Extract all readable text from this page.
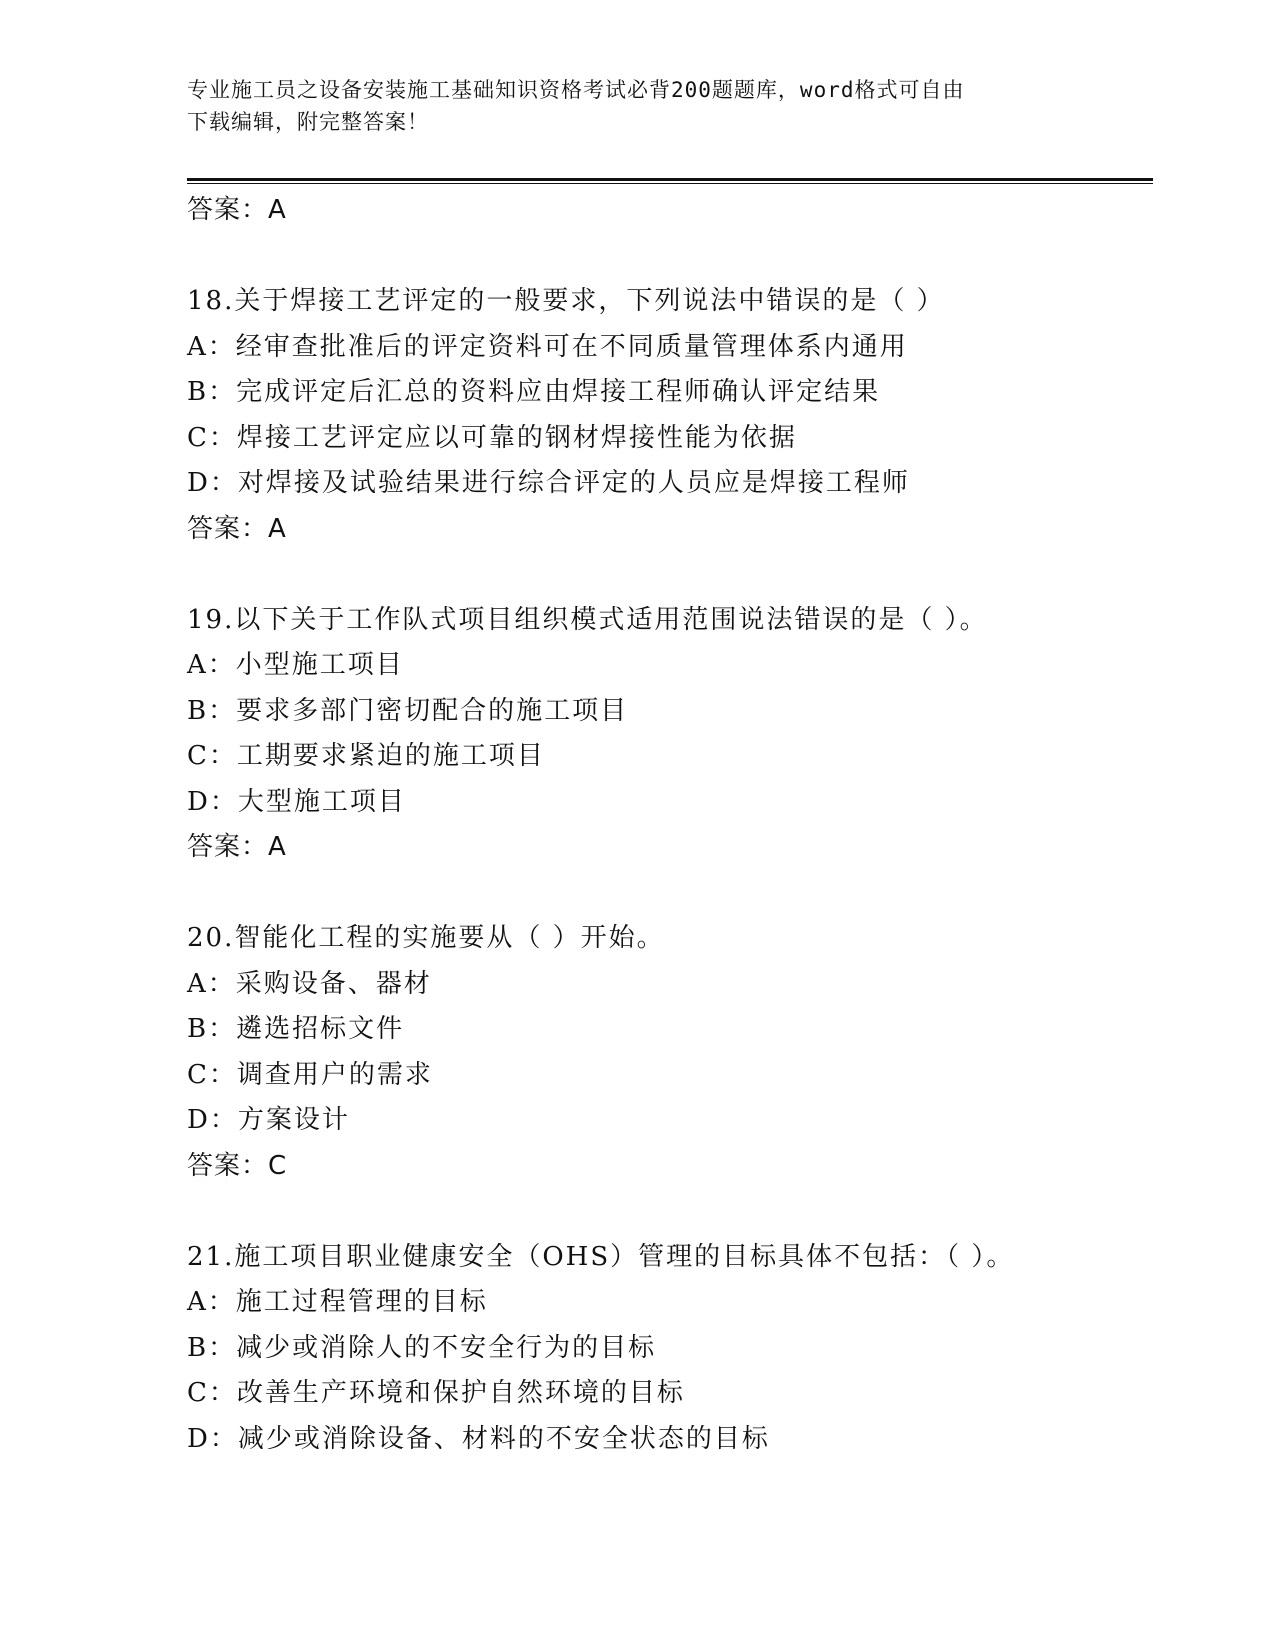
专业施工员之设备安装施工基础知识资格考试必背200题题库，word格式可自由
下载编辑，附完整答案！
答案：A
18.关于焊接工艺评定的一般要求，下列说法中错误的是（ ）
A：经审查批准后的评定资料可在不同质量管理体系内通用
B：完成评定后汇总的资料应由焊接工程师确认评定结果
C：焊接工艺评定应以可靠的钢材焊接性能为依据
D：对焊接及试验结果进行综合评定的人员应是焊接工程师
答案：A
19.以下关于工作队式项目组织模式适用范围说法错误的是（ ）。
A：小型施工项目
B：要求多部门密切配合的施工项目
C：工期要求紧迫的施工项目
D：大型施工项目
答案：A
20.智能化工程的实施要从（ ）开始。
A：采购设备、器材
B：遴选招标文件
C：调查用户的需求
D：方案设计
答案：C
21.施工项目职业健康安全（OHS）管理的目标具体不包括：（ ）。
A：施工过程管理的目标
B：减少或消除人的不安全行为的目标
C：改善生产环境和保护自然环境的目标
D：减少或消除设备、材料的不安全状态的目标
